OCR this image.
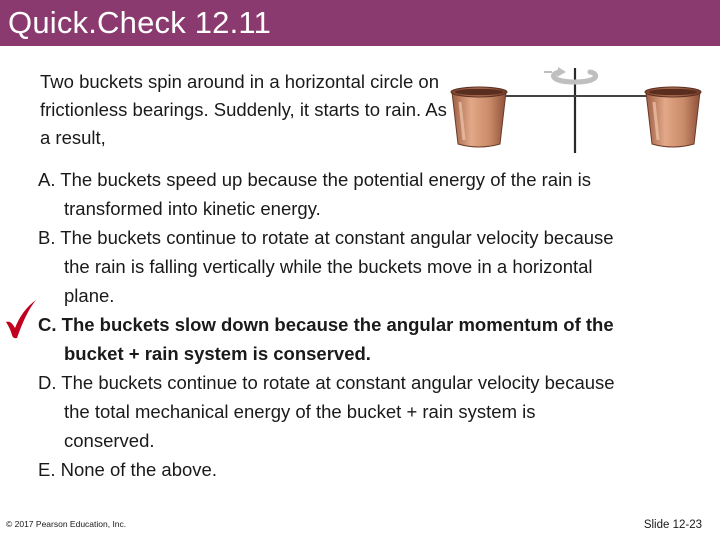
Quick.Check 12.11

Two buckets spin around in a horizontal circle on frictionless bearings. Suddenly, it starts to rain. As a result,

A. The buckets speed up because the potential energy of the rain is transformed into kinetic energy.
B. The buckets continue to rotate at constant angular velocity because the rain is falling vertically while the buckets move in a horizontal plane.
C. The buckets slow down because the angular momentum of the bucket + rain system is conserved.
D. The buckets continue to rotate at constant angular velocity because the total mechanical energy of the bucket + rain system is conserved.
E. None of the above.
© 2017 Pearson Education, Inc.	Slide 12-23
